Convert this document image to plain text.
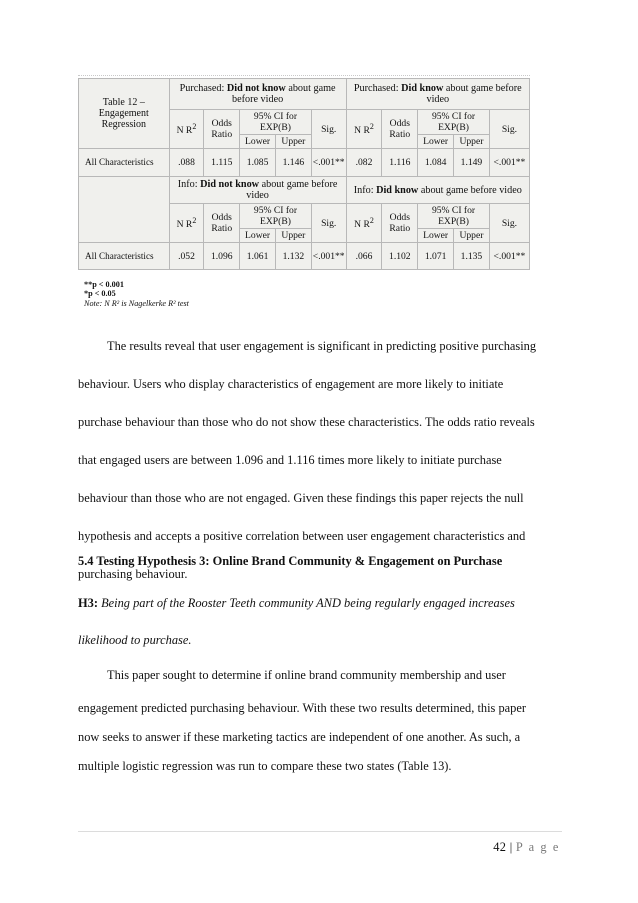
Table 12 –
Engagement
Regression	Purchased: Did not know about game before video					Purchased: Did know about game before video				
	N $R^2$	Odds Ratio	95% CI for EXP(B)		Sig.	N $R^2$	Odds Ratio	95% CI for EXP(B)		Sig.
			Lower	Upper				Lower	Upper	
All Characteristics	.088	1.115	1.085	1.146	<.001**	.082	1.116	1.084	1.149	<.001**
	Info: Did not know about game before video					Info: Did know about game before video				
	N $R^2$	Odds Ratio	95% CI for EXP(B)		Sig.	N $R^2$	Odds Ratio	95% CI for EXP(B)		Sig.
			Lower	Upper				Lower	Upper	
All Characteristics	.052	1.096	1.061	1.132	<.001**	.066	1.102	1.071	1.135	<.001**
**p < 0.001
*p < 0.05
Note: N R² is Nagelkerke R² test
The results reveal that user engagement is significant in predicting positive purchasing
behaviour. Users who display characteristics of engagement are more likely to initiate
purchase behaviour than those who do not show these characteristics. The odds ratio reveals
that engaged users are between 1.096 and 1.116 times more likely to initiate purchase
behaviour than those who are not engaged. Given these findings this paper rejects the null
hypothesis and accepts a positive correlation between user engagement characteristics and
purchasing behaviour.
5.4 Testing Hypothesis 3: Online Brand Community & Engagement on Purchase
H3: Being part of the Rooster Teeth community AND being regularly engaged increases
likelihood to purchase.
This paper sought to determine if online brand community membership and user
engagement predicted purchasing behaviour. With these two results determined, this paper
now seeks to answer if these marketing tactics are independent of one another. As such, a
42 | P a g e
multiple logistic regression was run to compare these two states (Table 13).
